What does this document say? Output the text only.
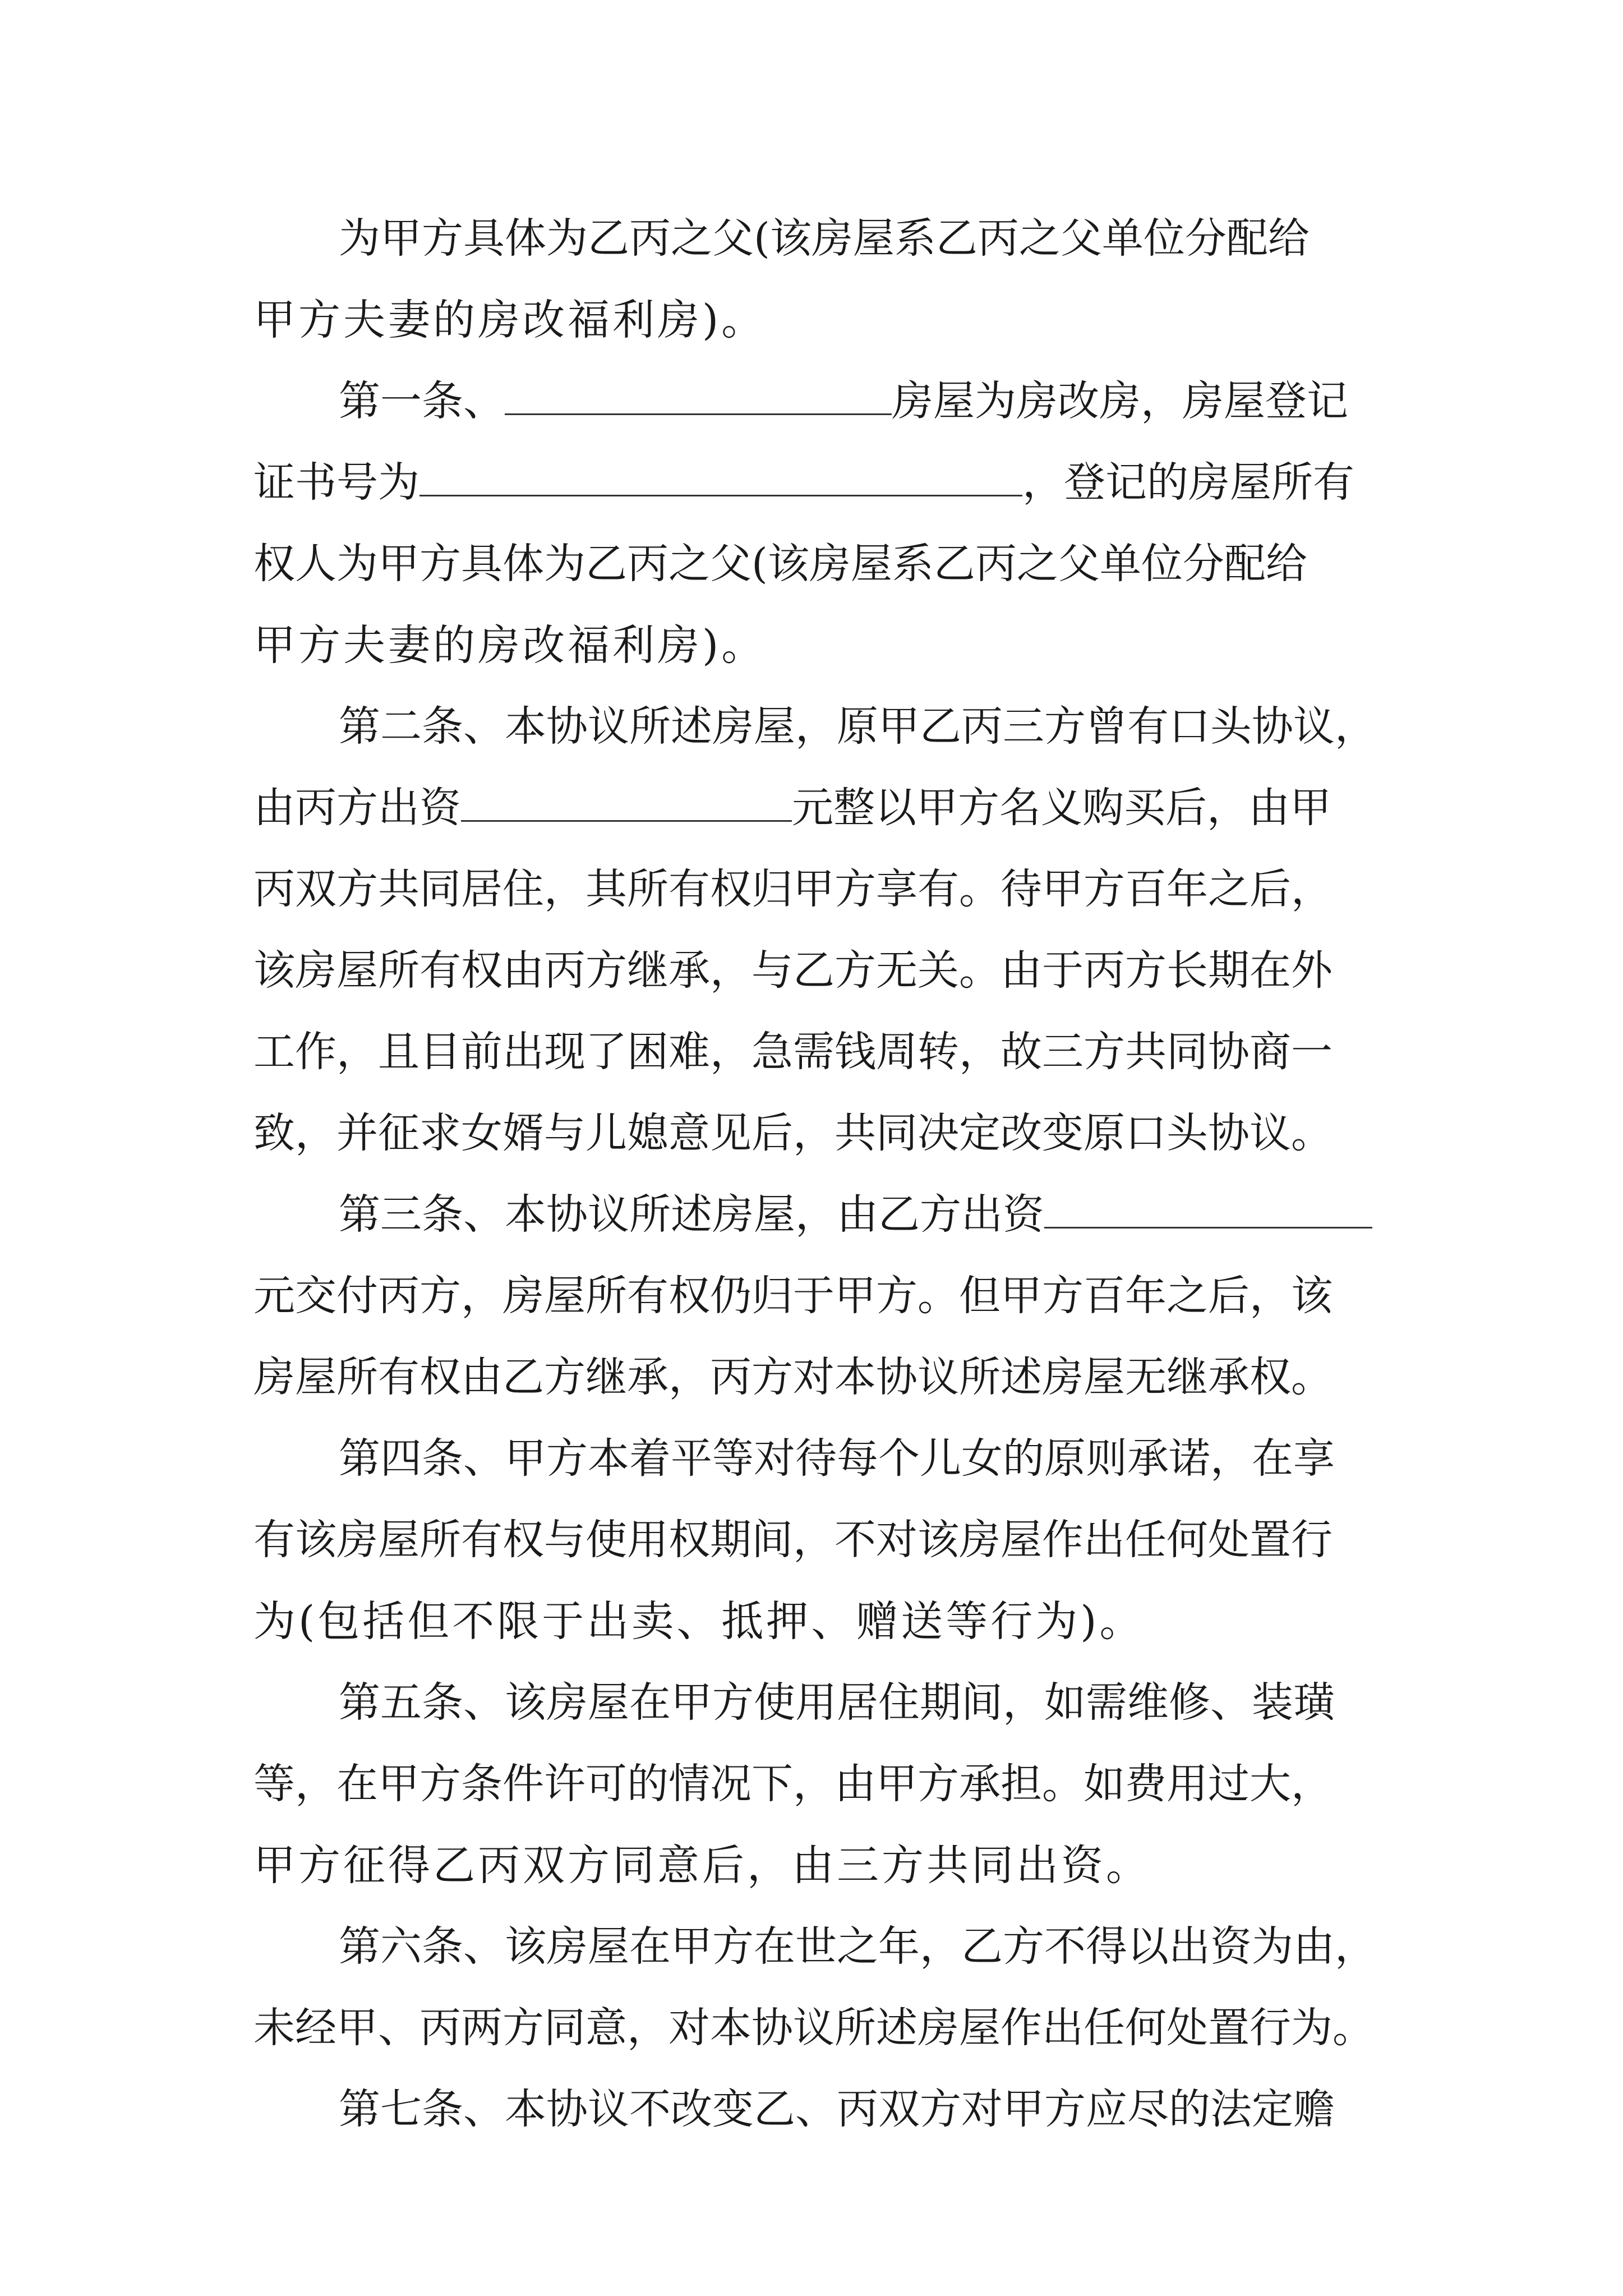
为甲方具体为乙丙之父(该房屋系乙丙之父单位分配给
甲方夫妻的房改福利房)。
第一条、	房屋为房改房，房屋登记
证书号为	，登记的房屋所有
权人为甲方具体为乙丙之父(该房屋系乙丙之父单位分配给
甲方夫妻的房改福利房)。
第二条、本协议所述房屋，原甲乙丙三方曾有口头协议，
由丙方出资	元整以甲方名义购买后，由甲
丙双方共同居住，其所有权归甲方享有。待甲方百年之后，
该房屋所有权由丙方继承，与乙方无关。由于丙方长期在外
工作，且目前出现了困难，急需钱周转，故三方共同协商一
致，并征求女婿与儿媳意见后，共同决定改变原口头协议。
第三条、本协议所述房屋，由乙方出资
元交付丙方，房屋所有权仍归于甲方。但甲方百年之后，该
房屋所有权由乙方继承，丙方对本协议所述房屋无继承权。
第四条、甲方本着平等对待每个儿女的原则承诺，在享
有该房屋所有权与使用权期间，不对该房屋作出任何处置行
为(包括但不限于出卖、抵押、赠送等行为)。
第五条、该房屋在甲方使用居住期间，如需维修、装璜
等，在甲方条件许可的情况下，由甲方承担。如费用过大，
甲方征得乙丙双方同意后，由三方共同出资。
第六条、该房屋在甲方在世之年，乙方不得以出资为由，
未经甲、丙两方同意，对本协议所述房屋作出任何处置行为。
第七条、本协议不改变乙、丙双方对甲方应尽的法定赡
